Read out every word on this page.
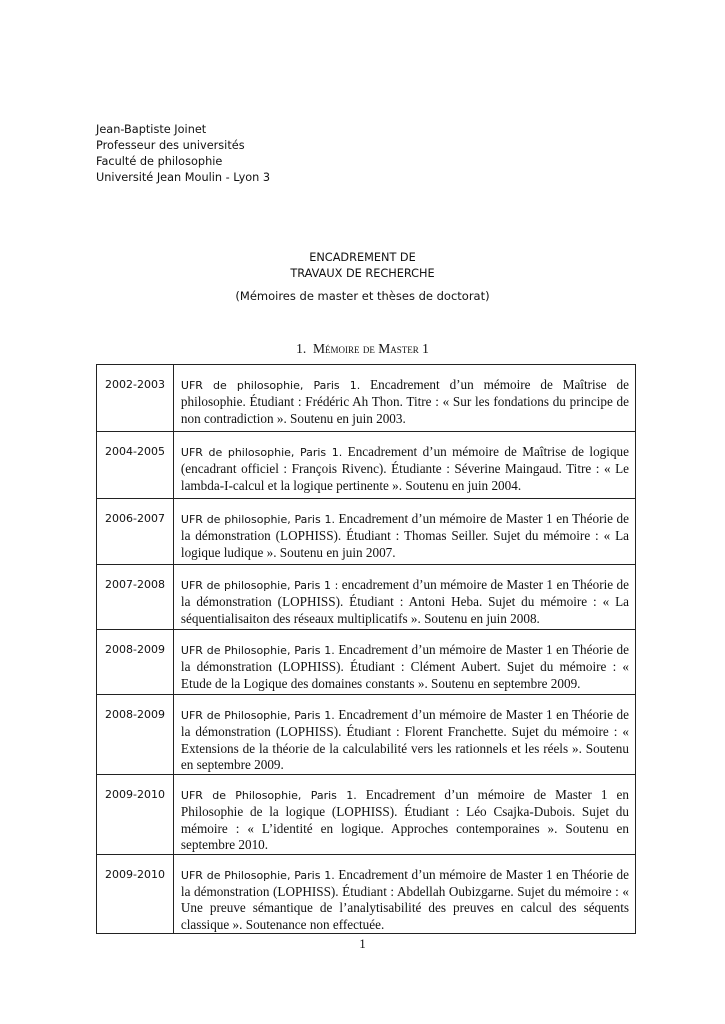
Jean-Baptiste Joinet
Professeur des universités
Faculté de philosophie
Université Jean Moulin - Lyon 3
ENCADREMENT DE
TRAVAUX DE RECHERCHE
(Mémoires de master et thèses de doctorat)
1. Mémoire de Master 1
2002-2003	UFR de philosophie, Paris 1. Encadrement d’un mémoire de Maîtrise de philosophie. Étudiant : Frédéric Ah Thon. Titre : « Sur les fondations du principe de non contradiction ». Soutenu en juin 2003.
2004-2005	UFR de philosophie, Paris 1. Encadrement d’un mémoire de Maîtrise de logique (encadrant officiel : François Rivenc). Étudiante : Séverine Maingaud. Titre : « Le lambda-I-calcul et la logique pertinente ». Soutenu en juin 2004.
2006-2007	UFR de philosophie, Paris 1. Encadrement d’un mémoire de Master 1 en Théorie de la démonstration (LOPHISS). Étudiant : Thomas Seiller. Sujet du mémoire : « La logique ludique ». Soutenu en juin 2007.
2007-2008	UFR de philosophie, Paris 1 : encadrement d’un mémoire de Master 1 en Théorie de la démonstration (LOPHISS). Étudiant : Antoni Heba. Sujet du mémoire : « La séquentialisaiton des réseaux multiplicatifs ». Soutenu en juin 2008.
2008-2009	UFR de Philosophie, Paris 1. Encadrement d’un mémoire de Master 1 en Théorie de la démonstration (LOPHISS). Étudiant : Clément Aubert. Sujet du mémoire : « Etude de la Logique des domaines constants ». Soutenu en septembre 2009.
2008-2009	UFR de Philosophie, Paris 1. Encadrement d’un mémoire de Master 1 en Théorie de la démonstration (LOPHISS). Étudiant : Florent Franchette. Sujet du mémoire : « Extensions de la théorie de la calculabilité vers les rationnels et les réels ». Soutenu en septembre 2009.
2009-2010	UFR de Philosophie, Paris 1. Encadrement d’un mémoire de Master 1 en Philosophie de la logique (LOPHISS). Étudiant : Léo Csajka-Dubois. Sujet du mémoire : « L’identité en logique. Approches contemporaines ». Soutenu en septembre 2010.
2009-2010	UFR de Philosophie, Paris 1. Encadrement d’un mémoire de Master 1 en Théorie de la démonstration (LOPHISS). Étudiant : Abdellah Oubizgarne. Sujet du mémoire : « Une preuve sémantique de l’analytisabilité des preuves en calcul des séquents classique ». Soutenance non effectuée.
1
